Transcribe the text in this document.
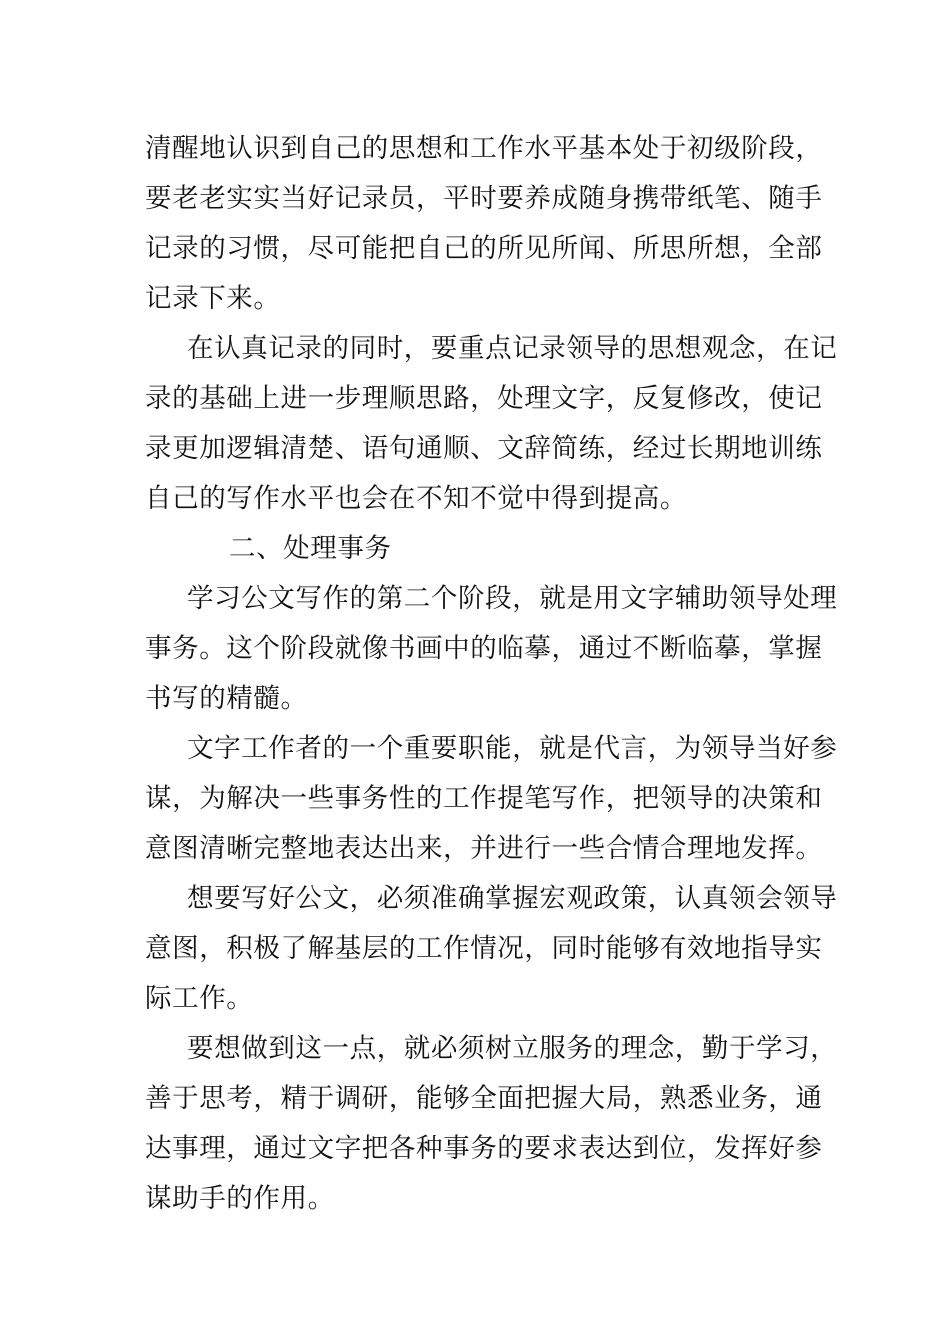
清醒地认识到自己的思想和工作水平基本处于初级阶段，
要老老实实当好记录员，平时要养成随身携带纸笔、随手
记录的习惯，尽可能把自己的所见所闻、所思所想，全部
记录下来。

在认真记录的同时，要重点记录领导的思想观念，在记
录的基础上进一步理顺思路，处理文字，反复修改，使记
录更加逻辑清楚、语句通顺、文辞简练，经过长期地训练
自己的写作水平也会在不知不觉中得到提高。

二、处理事务

学习公文写作的第二个阶段，就是用文字辅助领导处理
事务。这个阶段就像书画中的临摹，通过不断临摹，掌握
书写的精髓。

文字工作者的一个重要职能，就是代言，为领导当好参
谋，为解决一些事务性的工作提笔写作，把领导的决策和
意图清晰完整地表达出来，并进行一些合情合理地发挥。

想要写好公文，必须准确掌握宏观政策，认真领会领导
意图，积极了解基层的工作情况，同时能够有效地指导实
际工作。

要想做到这一点，就必须树立服务的理念，勤于学习，
善于思考，精于调研，能够全面把握大局，熟悉业务，通
达事理，通过文字把各种事务的要求表达到位，发挥好参
谋助手的作用。
